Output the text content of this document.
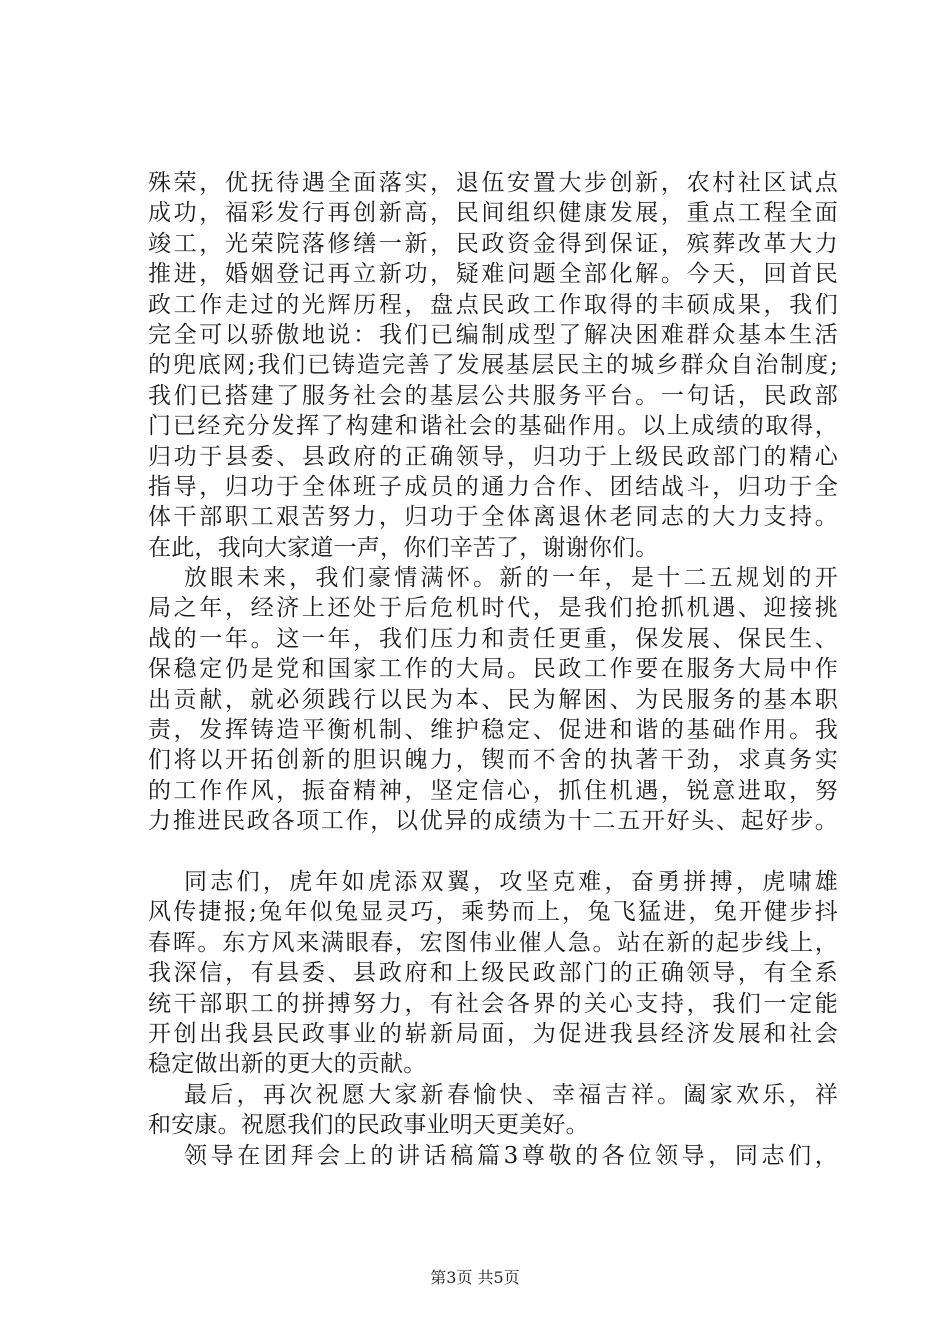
殊荣，优抚待遇全面落实，退伍安置大步创新，农村社区试点
成功，福彩发行再创新高，民间组织健康发展，重点工程全面
竣工，光荣院落修缮一新，民政资金得到保证，殡葬改革大力
推进，婚姻登记再立新功，疑难问题全部化解。今天，回首民
政工作走过的光辉历程，盘点民政工作取得的丰硕成果，我们
完全可以骄傲地说：我们已编制成型了解决困难群众基本生活
的兜底网;我们已铸造完善了发展基层民主的城乡群众自治制度;
我们已搭建了服务社会的基层公共服务平台。一句话，民政部
门已经充分发挥了构建和谐社会的基础作用。以上成绩的取得，
归功于县委、县政府的正确领导，归功于上级民政部门的精心
指导，归功于全体班子成员的通力合作、团结战斗，归功于全
体干部职工艰苦努力，归功于全体离退休老同志的大力支持。
在此，我向大家道一声，你们辛苦了，谢谢你们。
放眼未来，我们豪情满怀。新的一年，是十二五规划的开
局之年，经济上还处于后危机时代，是我们抢抓机遇、迎接挑
战的一年。这一年，我们压力和责任更重，保发展、保民生、
保稳定仍是党和国家工作的大局。民政工作要在服务大局中作
出贡献，就必须践行以民为本、民为解困、为民服务的基本职
责，发挥铸造平衡机制、维护稳定、促进和谐的基础作用。我
们将以开拓创新的胆识魄力，锲而不舍的执著干劲，求真务实
的工作作风，振奋精神，坚定信心，抓住机遇，锐意进取，努
力推进民政各项工作，以优异的成绩为十二五开好头、起好步。
同志们，虎年如虎添双翼，攻坚克难，奋勇拼搏，虎啸雄
风传捷报;兔年似兔显灵巧，乘势而上，兔飞猛进，兔开健步抖
春晖。东方风来满眼春，宏图伟业催人急。站在新的起步线上，
我深信，有县委、县政府和上级民政部门的正确领导，有全系
统干部职工的拼搏努力，有社会各界的关心支持，我们一定能
开创出我县民政事业的崭新局面，为促进我县经济发展和社会
稳定做出新的更大的贡献。
最后，再次祝愿大家新春愉快、幸福吉祥。阖家欢乐，祥
和安康。祝愿我们的民政事业明天更美好。
领导在团拜会上的讲话稿篇3尊敬的各位领导，同志们，
第3页 共5页
